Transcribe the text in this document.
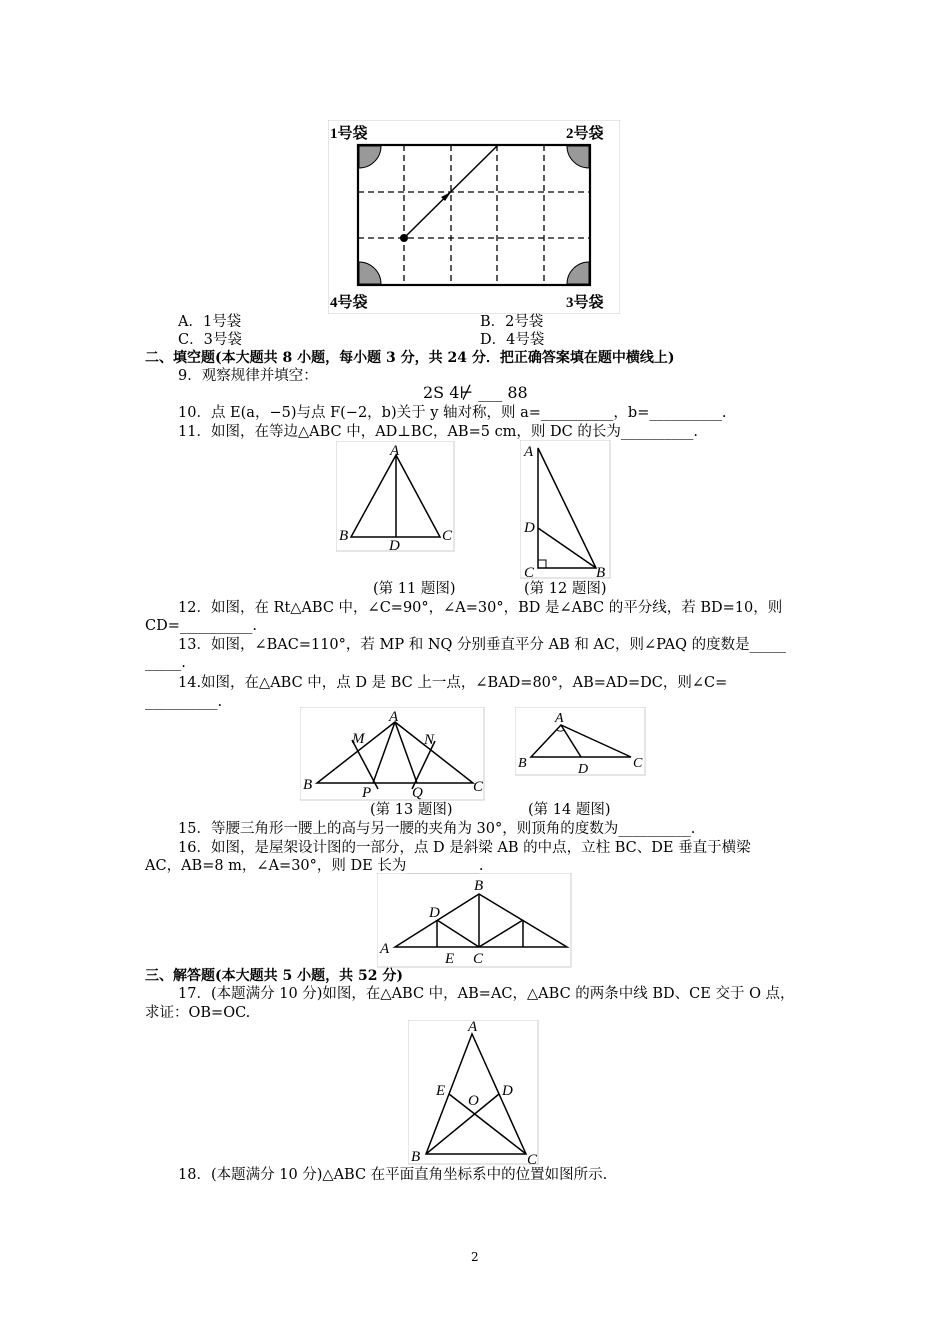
1号袋	2号袋
4号袋	3号袋
A．1号袋	B．2号袋
C．3号袋	D．4号袋
二、填空题(本大题共 8 小题，每小题 3 分，共 24 分．把正确答案填在题中横线上)
9．观察规律并填空：
2S 4⊬ ___ 88
10．点 E(a，−5)与点 F(−2，b)关于 y 轴对称，则 a=__________，b=__________.
11．如图，在等边△ABC 中，AD⊥BC，AB=5 cm，则 DC 的长为__________.
A
B	C
D
A
D
C	B
(第 11 题图)	(第 12 题图)
12．如图，在 Rt△ABC 中，∠C=90°，∠A=30°，BD 是∠ABC 的平分线，若 BD=10，则
CD=__________.
13．如图，∠BAC=110°，若 MP 和 NQ 分别垂直平分 AB 和 AC，则∠PAQ 的度数是_____
_____.
14.如图，在△ABC 中，点 D 是 BC 上一点，∠BAD=80°，AB=AD=DC，则∠C=
__________.
A
M	N
B	C
P	Q
A
B	D	C
(第 13 题图)	(第 14 题图)
15．等腰三角形一腰上的高与另一腰的夹角为 30°，则顶角的度数为__________.
16．如图，是屋架设计图的一部分，点 D 是斜梁 AB 的中点，立柱 BC、DE 垂直于横梁
AC，AB=8 m，∠A=30°，则 DE 长为__________.
B
D
A
E C
三、解答题(本大题共 5 小题，共 52 分)
17．(本题满分 10 分)如图，在△ABC 中，AB=AC，△ABC 的两条中线 BD、CE 交于 O 点，
求证：OB=OC.
A
E	D
O
B	C
18．(本题满分 10 分)△ABC 在平面直角坐标系中的位置如图所示.
2
